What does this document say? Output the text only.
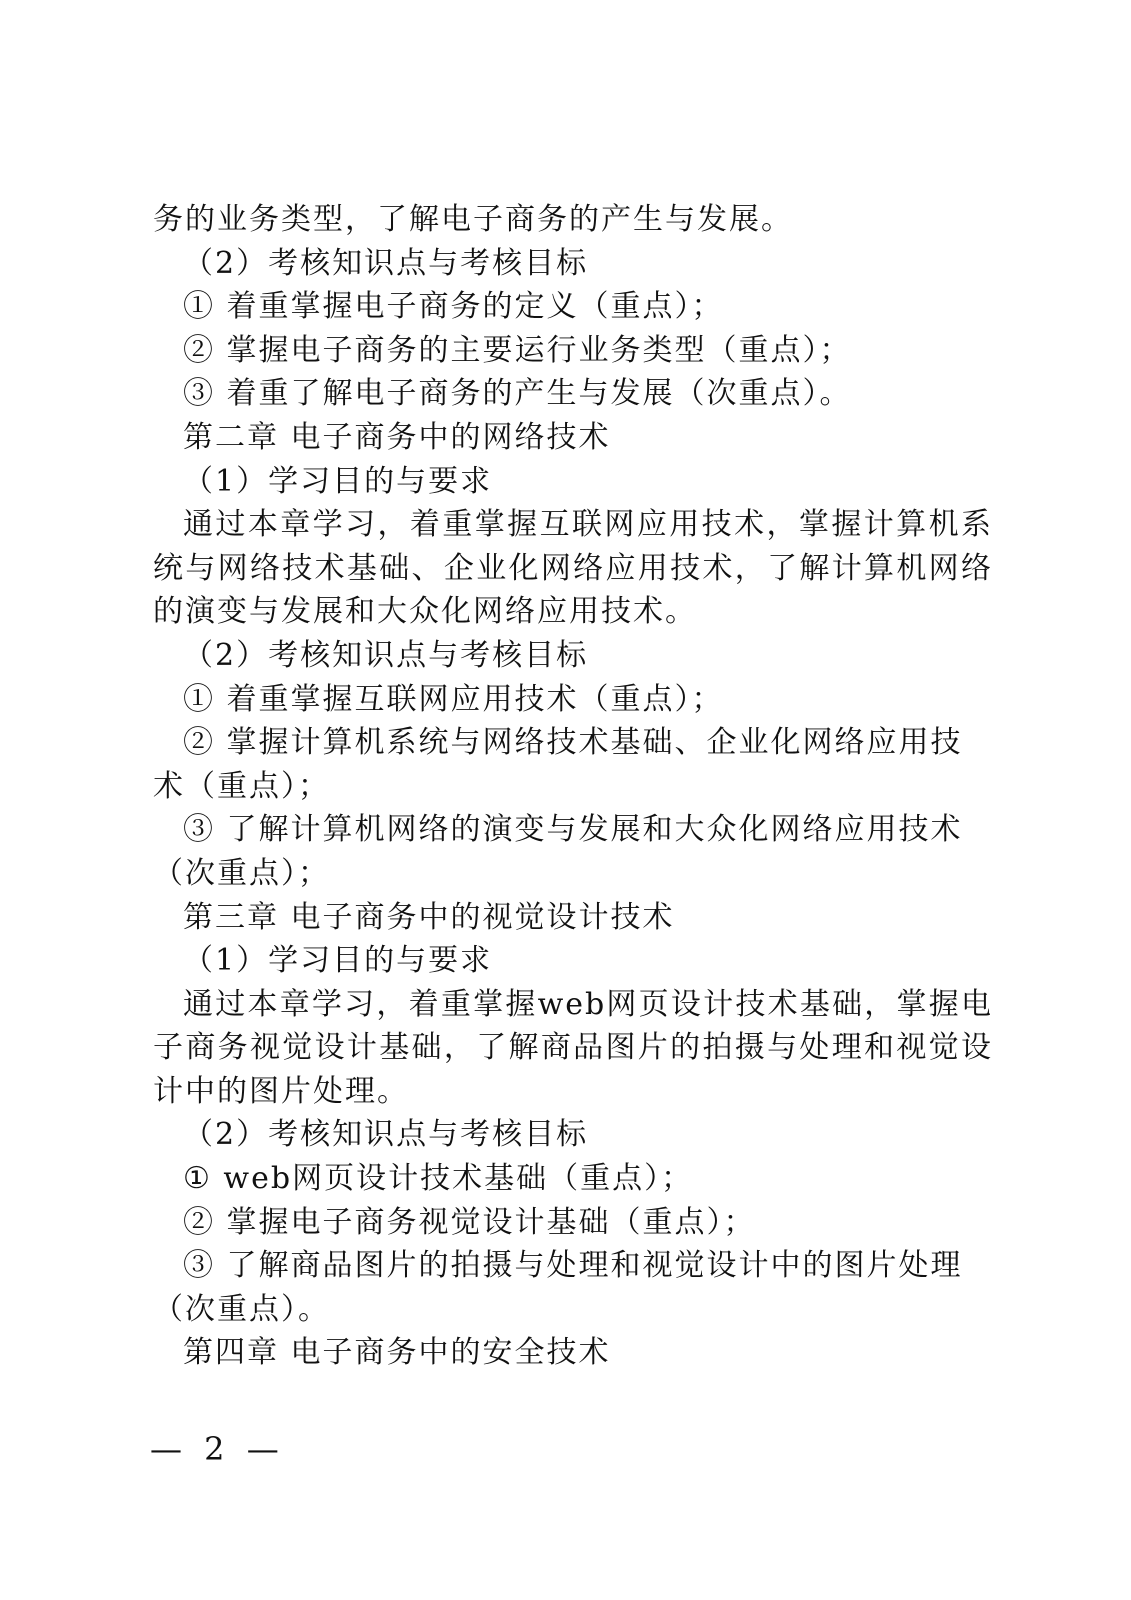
务的业务类型，了解电子商务的产生与发展。
（2）考核知识点与考核目标
① 着重掌握电子商务的定义（重点）；
② 掌握电子商务的主要运行业务类型（重点）；
③ 着重了解电子商务的产生与发展（次重点）。
第二章 电子商务中的网络技术
（1）学习目的与要求

通过本章学习，着重掌握互联网应用技术，掌握计算机系统与网络技术基础、企业化网络应用技术，了解计算机网络的演变与发展和大众化网络应用技术。

（2）考核知识点与考核目标
① 着重掌握互联网应用技术（重点）；

② 掌握计算机系统与网络技术基础、企业化网络应用技术（重点）；

③ 了解计算机网络的演变与发展和大众化网络应用技术（次重点）；

第三章 电子商务中的视觉设计技术
（1）学习目的与要求

通过本章学习，着重掌握web网页设计技术基础，掌握电子商务视觉设计基础，了解商品图片的拍摄与处理和视觉设计中的图片处理。

（2）考核知识点与考核目标
① web网页设计技术基础（重点）；
② 掌握电子商务视觉设计基础（重点）；

③ 了解商品图片的拍摄与处理和视觉设计中的图片处理（次重点）。

第四章 电子商务中的安全技术
— 2 —
